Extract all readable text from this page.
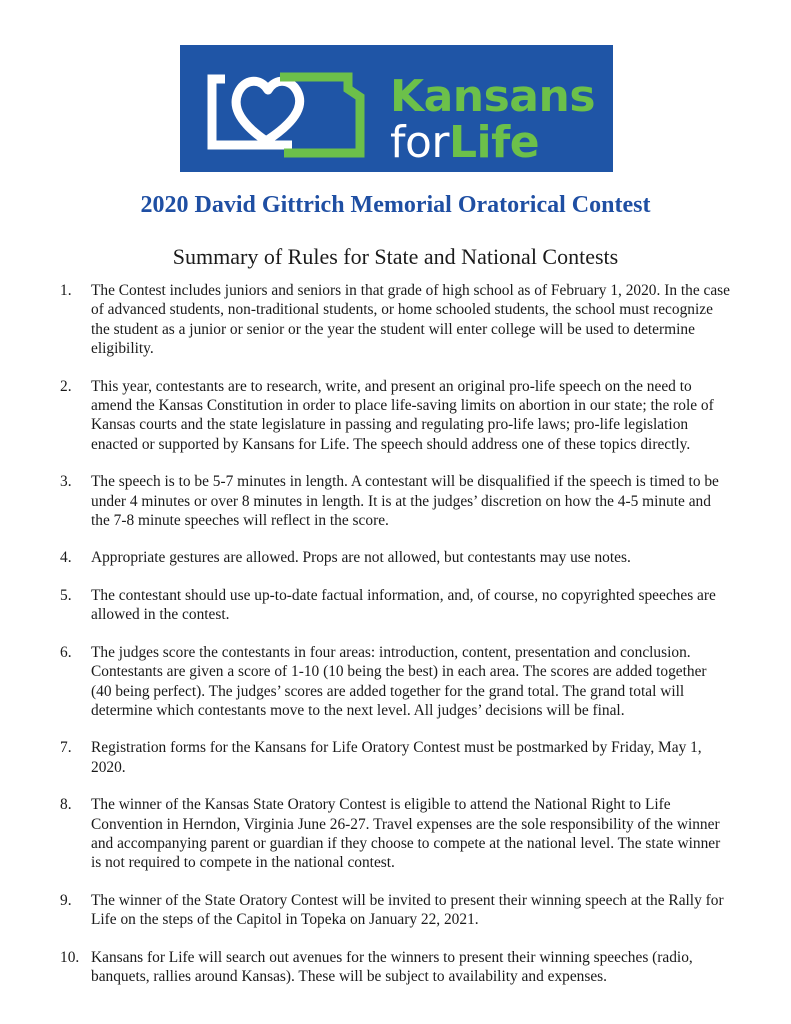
Kansans
forLife
2020 David Gittrich Memorial Oratorical Contest
Summary of Rules for State and National Contests
1. The Contest includes juniors and seniors in that grade of high school as of February 1, 2020. In the case of advanced students, non-traditional students, or home schooled students, the school must recognize the student as a junior or senior or the year the student will enter college will be used to determine eligibility.
2. This year, contestants are to research, write, and present an original pro-life speech on the need to amend the Kansas Constitution in order to place life-saving limits on abortion in our state; the role of Kansas courts and the state legislature in passing and regulating pro-life laws; pro-life legislation enacted or supported by Kansans for Life. The speech should address one of these topics directly.
3. The speech is to be 5-7 minutes in length. A contestant will be disqualified if the speech is timed to be under 4 minutes or over 8 minutes in length. It is at the judges’ discretion on how the 4-5 minute and the 7-8 minute speeches will reflect in the score.
4. Appropriate gestures are allowed. Props are not allowed, but contestants may use notes.
5. The contestant should use up-to-date factual information, and, of course, no copyrighted speeches are allowed in the contest.
6. The judges score the contestants in four areas: introduction, content, presentation and conclusion. Contestants are given a score of 1-10 (10 being the best) in each area. The scores are added together (40 being perfect). The judges’ scores are added together for the grand total. The grand total will determine which contestants move to the next level. All judges’ decisions will be final.
7. Registration forms for the Kansans for Life Oratory Contest must be postmarked by Friday, May 1, 2020.
8. The winner of the Kansas State Oratory Contest is eligible to attend the National Right to Life Convention in Herndon, Virginia June 26-27. Travel expenses are the sole responsibility of the winner and accompanying parent or guardian if they choose to compete at the national level. The state winner is not required to compete in the national contest.
9. The winner of the State Oratory Contest will be invited to present their winning speech at the Rally for Life on the steps of the Capitol in Topeka on January 22, 2021.
10. Kansans for Life will search out avenues for the winners to present their winning speeches (radio, banquets, rallies around Kansas). These will be subject to availability and expenses.
